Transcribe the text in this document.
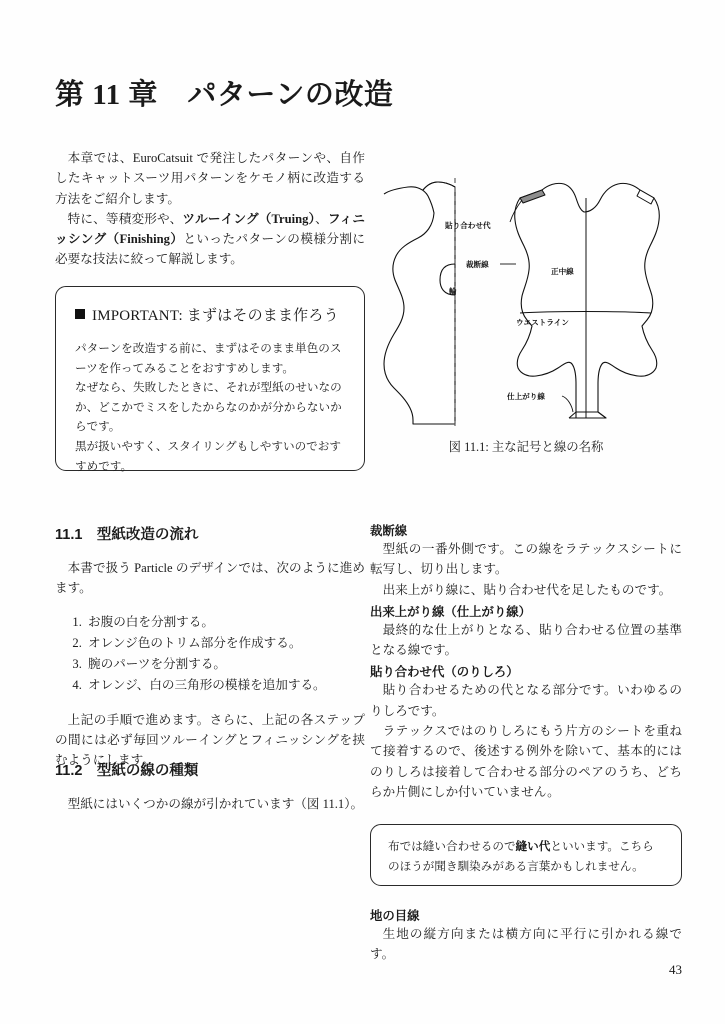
第 11 章　パターンの改造

本章では、EuroCatsuit で発注したパターンや、自作したキャットスーツ用パターンをケモノ柄に改造する方法をご紹介します。

特に、等積変形や、ツルーイング（Truing）、フィニッシング（Finishing）といったパターンの模様分割に必要な技法に絞って解説します。

IMPORTANT: まずはそのまま作ろう

パターンを改造する前に、まずはそのまま単色のスーツを作ってみることをおすすめします。

なぜなら、失敗したときに、それが型紙のせいなのか、どこかでミスをしたからなのかが分からないからです。

黒が扱いやすく、スタイリングもしやすいのでおすすめです。

貼り合わせ代
裁断線
正中線
ウエストライン
仕上がり線
輪
図 11.1: 主な記号と線の名称
11.1　型紙改造の流れ

本書で扱う Particle のデザインでは、次のように進めます。

1. お腹の白を分割する。
2. オレンジ色のトリム部分を作成する。
3. 腕のパーツを分割する。
4. オレンジ、白の三角形の模様を追加する。

上記の手順で進めます。さらに、上記の各ステップの間には必ず毎回ツルーイングとフィニッシングを挟むようにします。

11.2　型紙の線の種類

型紙にはいくつかの線が引かれています（図 11.1）。

裁断線

型紙の一番外側です。この線をラテックスシートに転写し、切り出します。

出来上がり線に、貼り合わせ代を足したものです。

出来上がり線（仕上がり線）

最終的な仕上がりとなる、貼り合わせる位置の基準となる線です。

貼り合わせ代（のりしろ）

貼り合わせるための代となる部分です。いわゆるのりしろです。

ラテックスではのりしろにもう片方のシートを重ねて接着するので、後述する例外を除いて、基本的にはのりしろは接着して合わせる部分のペアのうち、どちらか片側にしか付いていません。

布では縫い合わせるので縫い代といいます。こちらのほうが聞き馴染みがある言葉かもしれません。

地の目線

生地の縦方向または横方向に平行に引かれる線です。

43
